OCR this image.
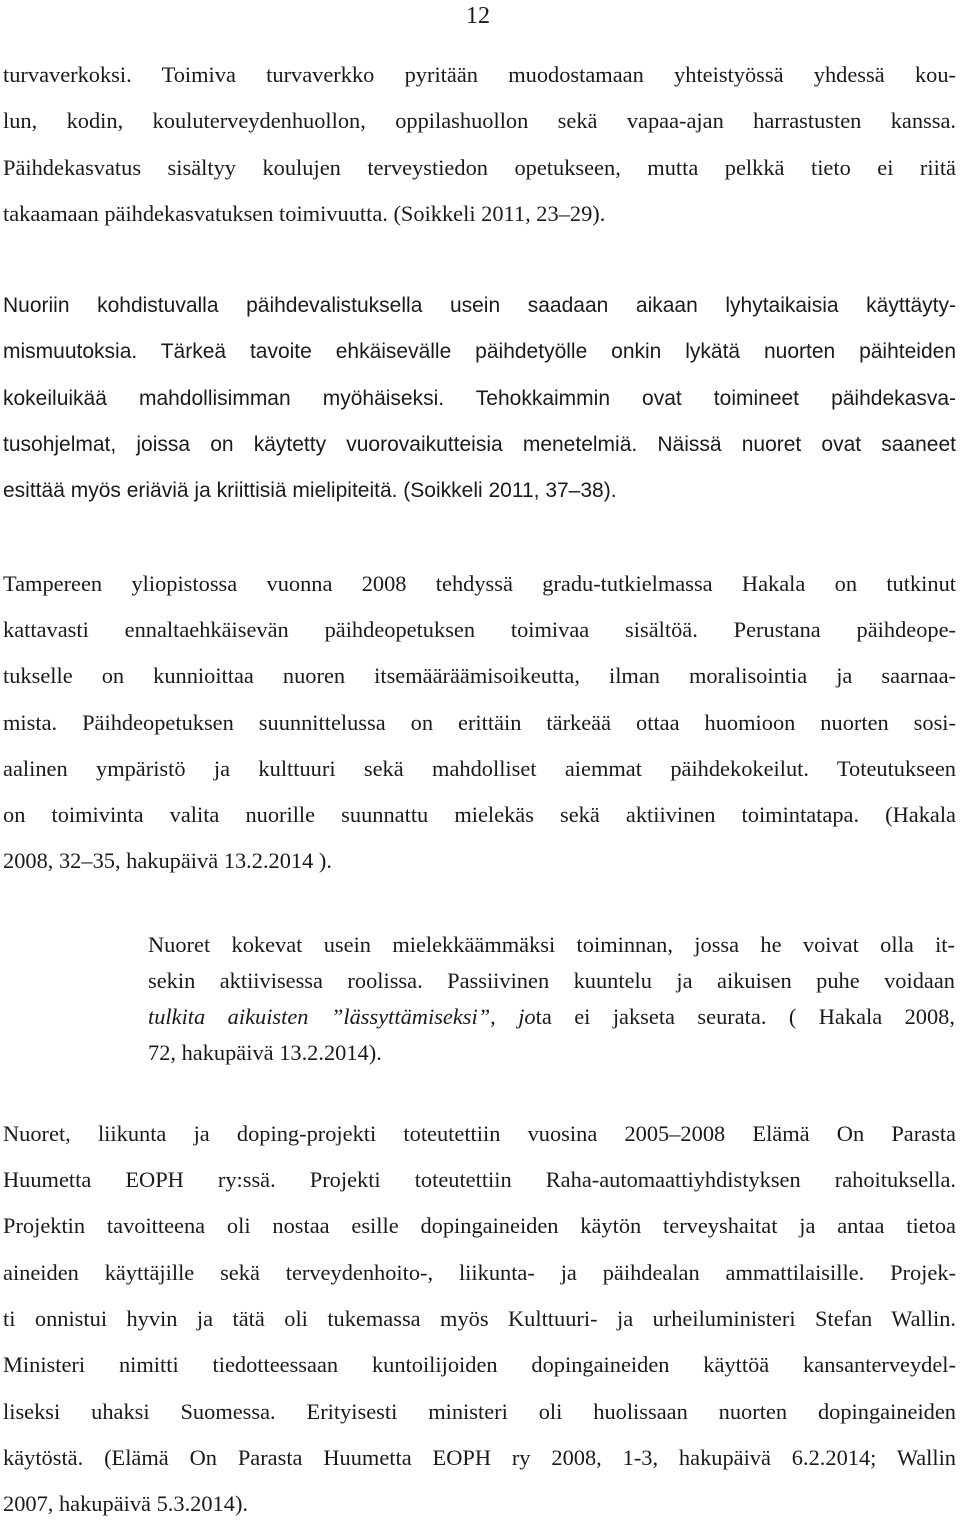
12
turvaverkoksi. Toimiva turvaverkko pyritään muodostamaan yhteistyössä yhdessä kou-
lun, kodin, kouluterveydenhuollon, oppilashuollon sekä vapaa-ajan harrastusten kanssa.
Päihdekasvatus sisältyy koulujen terveystiedon opetukseen, mutta pelkkä tieto ei riitä
takaamaan päihdekasvatuksen toimivuutta. (Soikkeli 2011, 23–29).
Nuoriin kohdistuvalla päihdevalistuksella usein saadaan aikaan lyhytaikaisia käyttäyty-
mismuutoksia. Tärkeä tavoite ehkäisevälle päihdetyölle onkin lykätä nuorten päihteiden
kokeiluikää mahdollisimman myöhäiseksi. Tehokkaimmin ovat toimineet päihdekasva-
tusohjelmat, joissa on käytetty vuorovaikutteisia menetelmiä. Näissä nuoret ovat saaneet
esittää myös eriäviä ja kriittisiä mielipiteitä. (Soikkeli 2011, 37–38).
Tampereen yliopistossa vuonna 2008 tehdyssä gradu-tutkielmassa Hakala on tutkinut
kattavasti ennaltaehkäisevän päihdeopetuksen toimivaa sisältöä. Perustana päihdeope-
tukselle on kunnioittaa nuoren itsemääräämisoikeutta, ilman moralisointia ja saarnaa-
mista. Päihdeopetuksen suunnittelussa on erittäin tärkeää ottaa huomioon nuorten sosi-
aalinen ympäristö ja kulttuuri sekä mahdolliset aiemmat päihdekokeilut. Toteutukseen
on toimivinta valita nuorille suunnattu mielekäs sekä aktiivinen toimintatapa. (Hakala
2008, 32–35, hakupäivä 13.2.2014 ).
Nuoret kokevat usein mielekkäämmäksi toiminnan, jossa he voivat olla it-
sekin aktiivisessa roolissa. Passiivinen kuuntelu ja aikuisen puhe voidaan
tulkita aikuisten ”lässyttämiseksi”, jota ei jakseta seurata. ( Hakala 2008,
72, hakupäivä 13.2.2014).
Nuoret, liikunta ja doping-projekti toteutettiin vuosina 2005–2008 Elämä On Parasta
Huumetta EOPH ry:ssä. Projekti toteutettiin Raha-automaattiyhdistyksen rahoituksella.
Projektin tavoitteena oli nostaa esille dopingaineiden käytön terveyshaitat ja antaa tietoa
aineiden käyttäjille sekä terveydenhoito-, liikunta- ja päihdealan ammattilaisille. Projek-
ti onnistui hyvin ja tätä oli tukemassa myös Kulttuuri- ja urheiluministeri Stefan Wallin.
Ministeri nimitti tiedotteessaan kuntoilijoiden dopingaineiden käyttöä kansanterveydel-
liseksi uhaksi Suomessa. Erityisesti ministeri oli huolissaan nuorten dopingaineiden
käytöstä. (Elämä On Parasta Huumetta EOPH ry 2008, 1-3, hakupäivä 6.2.2014; Wallin
2007, hakupäivä 5.3.2014).
